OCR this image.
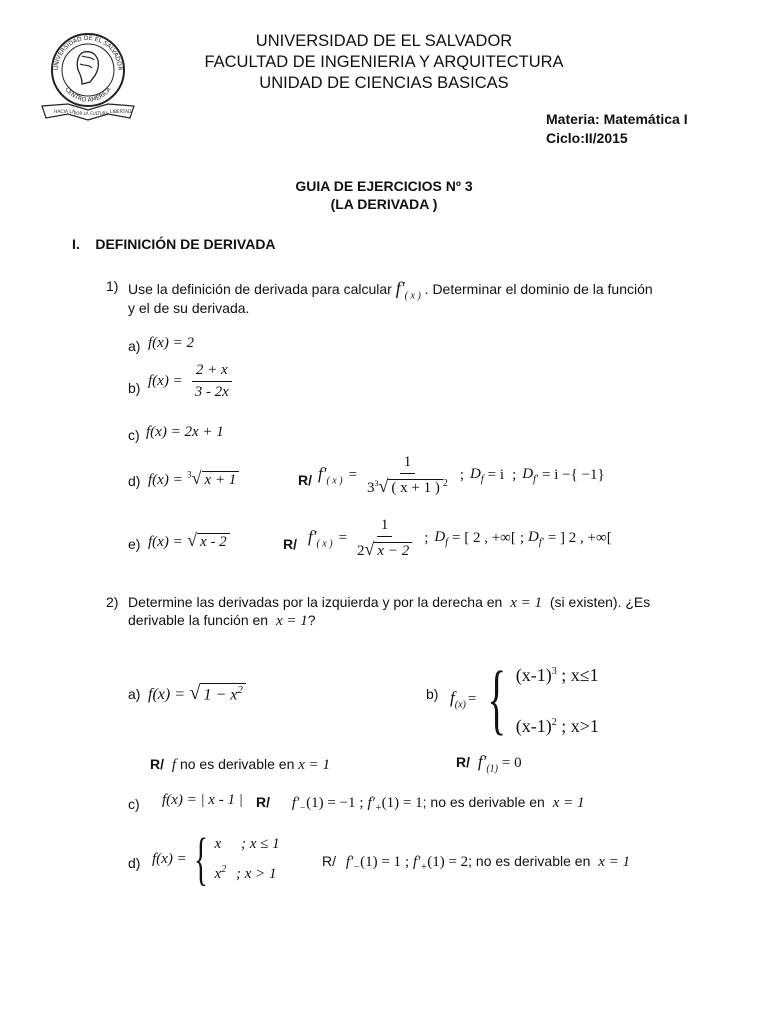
UNIVERSIDAD DE EL SALVADOR
CENTRO AMERICA
HACIA LA
POR LA CULTURA LIBERTAD
UNIVERSIDAD DE EL SALVADOR
FACULTAD DE INGENIERIA Y ARQUITECTURA
UNIDAD DE CIENCIAS BASICAS
Materia: Matemática I
Ciclo:II/2015
GUIA DE EJERCICIOS Nº 3
(LA DERIVADA )
I.    DEFINICIÓN DE DERIVADA
1) Use la definición de derivada para calcular $f'_{( x )}$ . Determinar el dominio de la función
y el de su derivada.
a) f(x) = 2
b) $f(x) = \frac{2 + x}{3 - 2x}$
c) f(x) = 2x + 1
d) f(x) = $^3$√ x + 1	R/ $f'_{( x )} = \frac{1}{3^3√ ( x + 1 ) ^2}$ ; $D_f = i$ ; $D_{f'} = i$ −{ −1}
e) f(x) = √ x - 2	R/ $f'_{( x )} = \frac{1}{2√ x - 2}$ ; $D_f$ = [ 2 , +∞[ ; $D_{f'}$ = ] 2 , +∞[
2) Determine las derivadas por la izquierda y por la derecha en x = 1 (si existen). ¿Es
derivable la función en x = 1?
a) f(x) = √ $1 - x^2$	b) $f_{(x)}$ = { $(x-1)^3$ ; x≤1
$(x-1)^2$ ; x>1
R/ f no es derivable en x = 1	R/ $f'_{(1)} = 0$
c) f(x) = | x - 1 | R/ $f'_-(1) = -1$ ; $f'_+(1) = 1$; no es derivable en x = 1
d) f(x) = { x ; x ≤ 1
$x^2$ ; x > 1
R/ $f'_-(1) = 1$ ; $f'_+(1) = 2$; no es derivable en x = 1
